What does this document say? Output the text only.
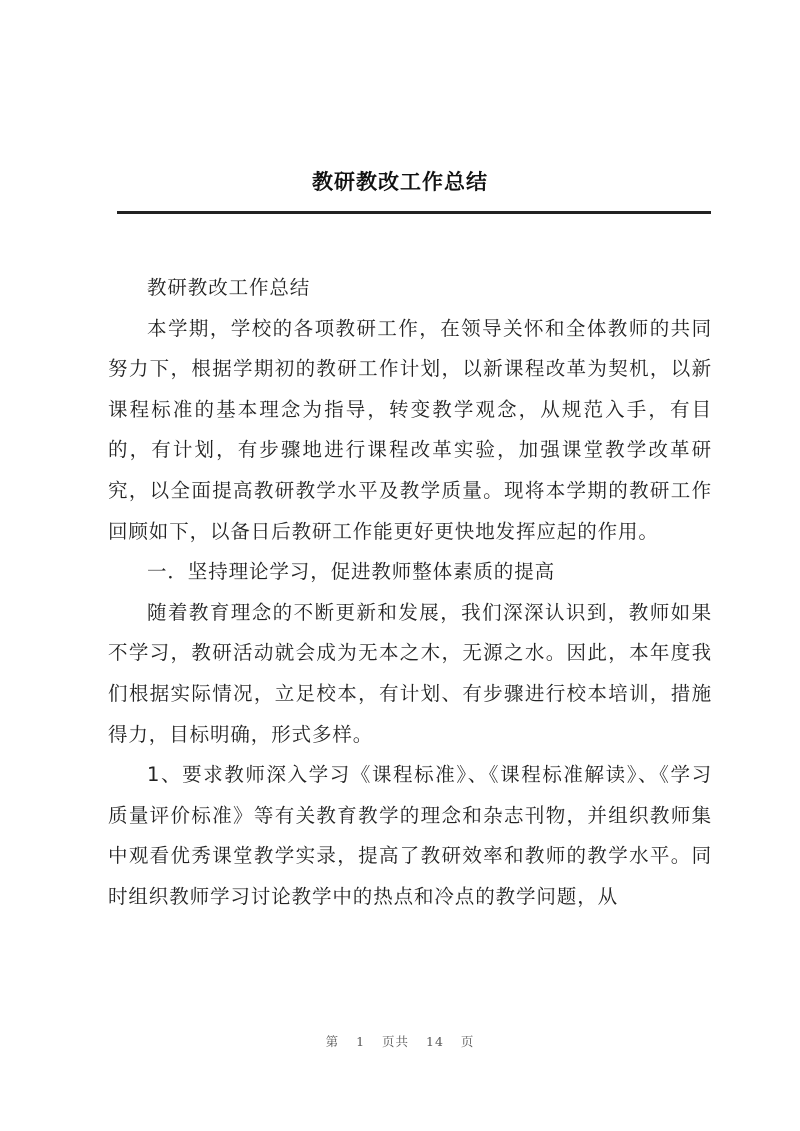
教研教改工作总结

教研教改工作总结

本学期，学校的各项教研工作，在领导关怀和全体教师的共同努力下，根据学期初的教研工作计划，以新课程改革为契机，以新课程标准的基本理念为指导，转变教学观念，从规范入手，有目的，有计划，有步骤地进行课程改革实验，加强课堂教学改革研究，以全面提高教研教学水平及教学质量。现将本学期的教研工作回顾如下，以备日后教研工作能更好更快地发挥应起的作用。

一．坚持理论学习，促进教师整体素质的提高

随着教育理念的不断更新和发展，我们深深认识到，教师如果不学习，教研活动就会成为无本之木，无源之水。因此，本年度我们根据实际情况，立足校本，有计划、有步骤进行校本培训，措施得力，目标明确，形式多样。

1、要求教师深入学习《课程标准》、《课程标准解读》、《学习质量评价标准》等有关教育教学的理念和杂志刊物，并组织教师集中观看优秀课堂教学实录，提高了教研效率和教师的教学水平。同时组织教师学习讨论教学中的热点和冷点的教学问题，从

第 1 页共 14 页
